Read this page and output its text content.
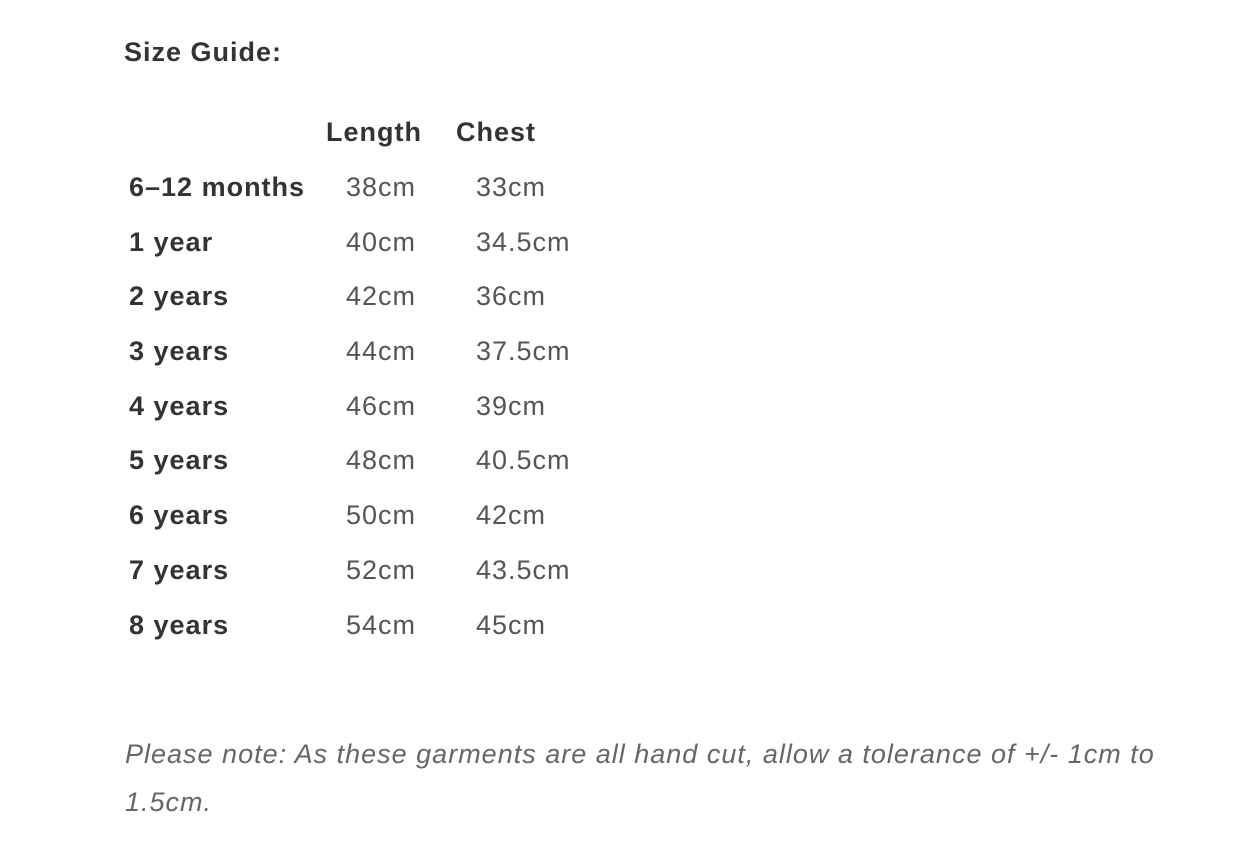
Size Guide:
Length Chest
6–12 months 38cm 33cm
1 year	40cm 34.5cm
2 years	42cm 36cm
3 years	44cm 37.5cm
4 years	46cm 39cm
5 years	48cm 40.5cm
6 years	50cm 42cm
7 years	52cm 43.5cm
8 years	54cm 45cm
Please note: As these garments are all hand cut, allow a tolerance of +/- 1cm to 1.5cm.
